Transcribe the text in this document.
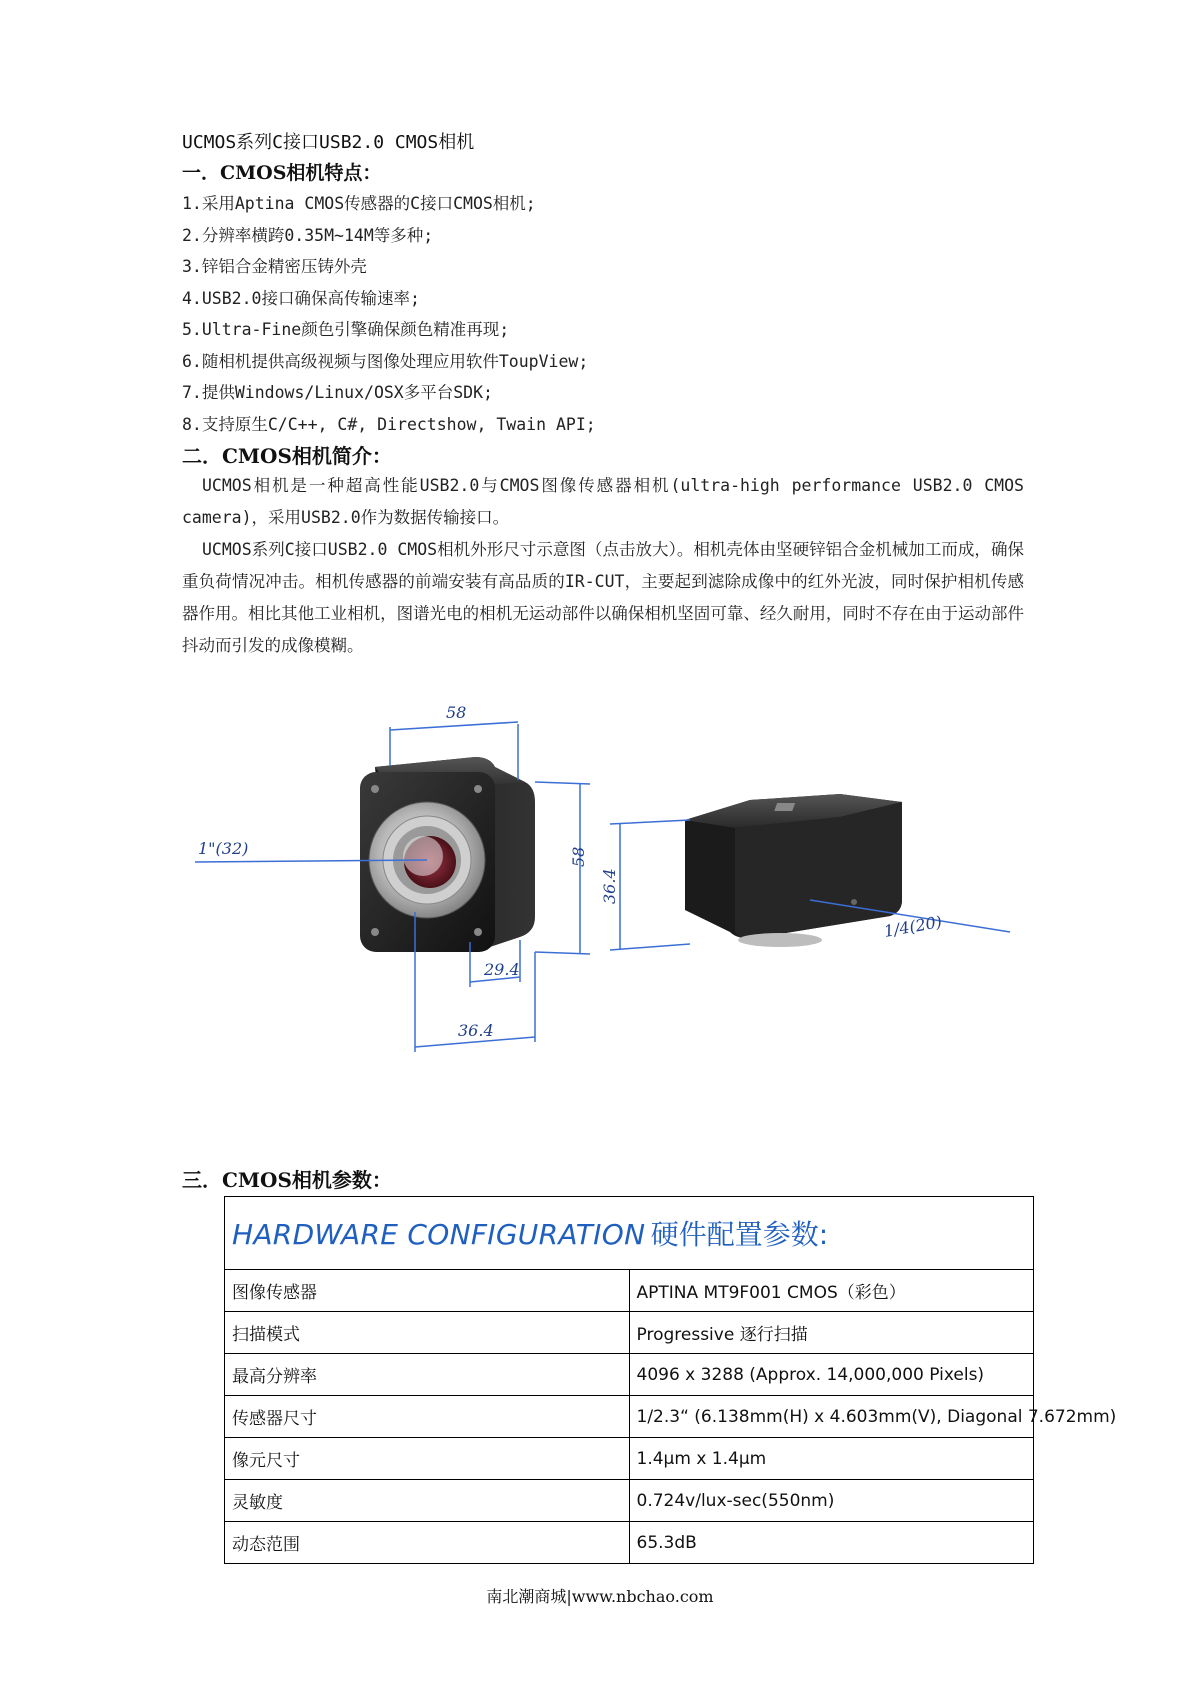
UCMOS系列C接口USB2.0 CMOS相机
一．CMOS相机特点：
1.采用Aptina CMOS传感器的C接口CMOS相机;
2.分辨率横跨0.35M~14M等多种;
3.锌铝合金精密压铸外壳
4.USB2.0接口确保高传输速率;
5.Ultra-Fine颜色引擎确保颜色精准再现;
6.随相机提供高级视频与图像处理应用软件ToupView;
7.提供Windows/Linux/OSX多平台SDK;
8.支持原生C/C++, C#, Directshow, Twain API;
二．CMOS相机简介：

UCMOS相机是一种超高性能USB2.0与CMOS图像传感器相机(ultra-high performance USB2.0 CMOS camera)，采用USB2.0作为数据传输接口。

UCMOS系列C接口USB2.0 CMOS相机外形尺寸示意图（点击放大）。相机壳体由坚硬锌铝合金机械加工而成，确保重负荷情况冲击。相机传感器的前端安装有高品质的IR-CUT，主要起到滤除成像中的红外光波，同时保护相机传感器作用。相比其他工业相机，图谱光电的相机无运动部件以确保相机坚固可靠、经久耐用，同时不存在由于运动部件抖动而引发的成像模糊。

58
58
1"(32)
29.4
36.4
36.4
1/4(20)
三．CMOS相机参数：
HARDWARE CONFIGURATION 硬件配置参数:	
图像传感器	APTINA MT9F001 CMOS（彩色）
扫描模式	Progressive 逐行扫描
最高分辨率	4096 x 3288 (Approx. 14,000,000 Pixels)
传感器尺寸	1/2.3“ (6.138mm(H) x 4.603mm(V), Diagonal 7.672mm)
像元尺寸	1.4μm x 1.4μm
灵敏度	0.724v/lux-sec(550nm)
动态范围	65.3dB
南北潮商城|www.nbchao.com
